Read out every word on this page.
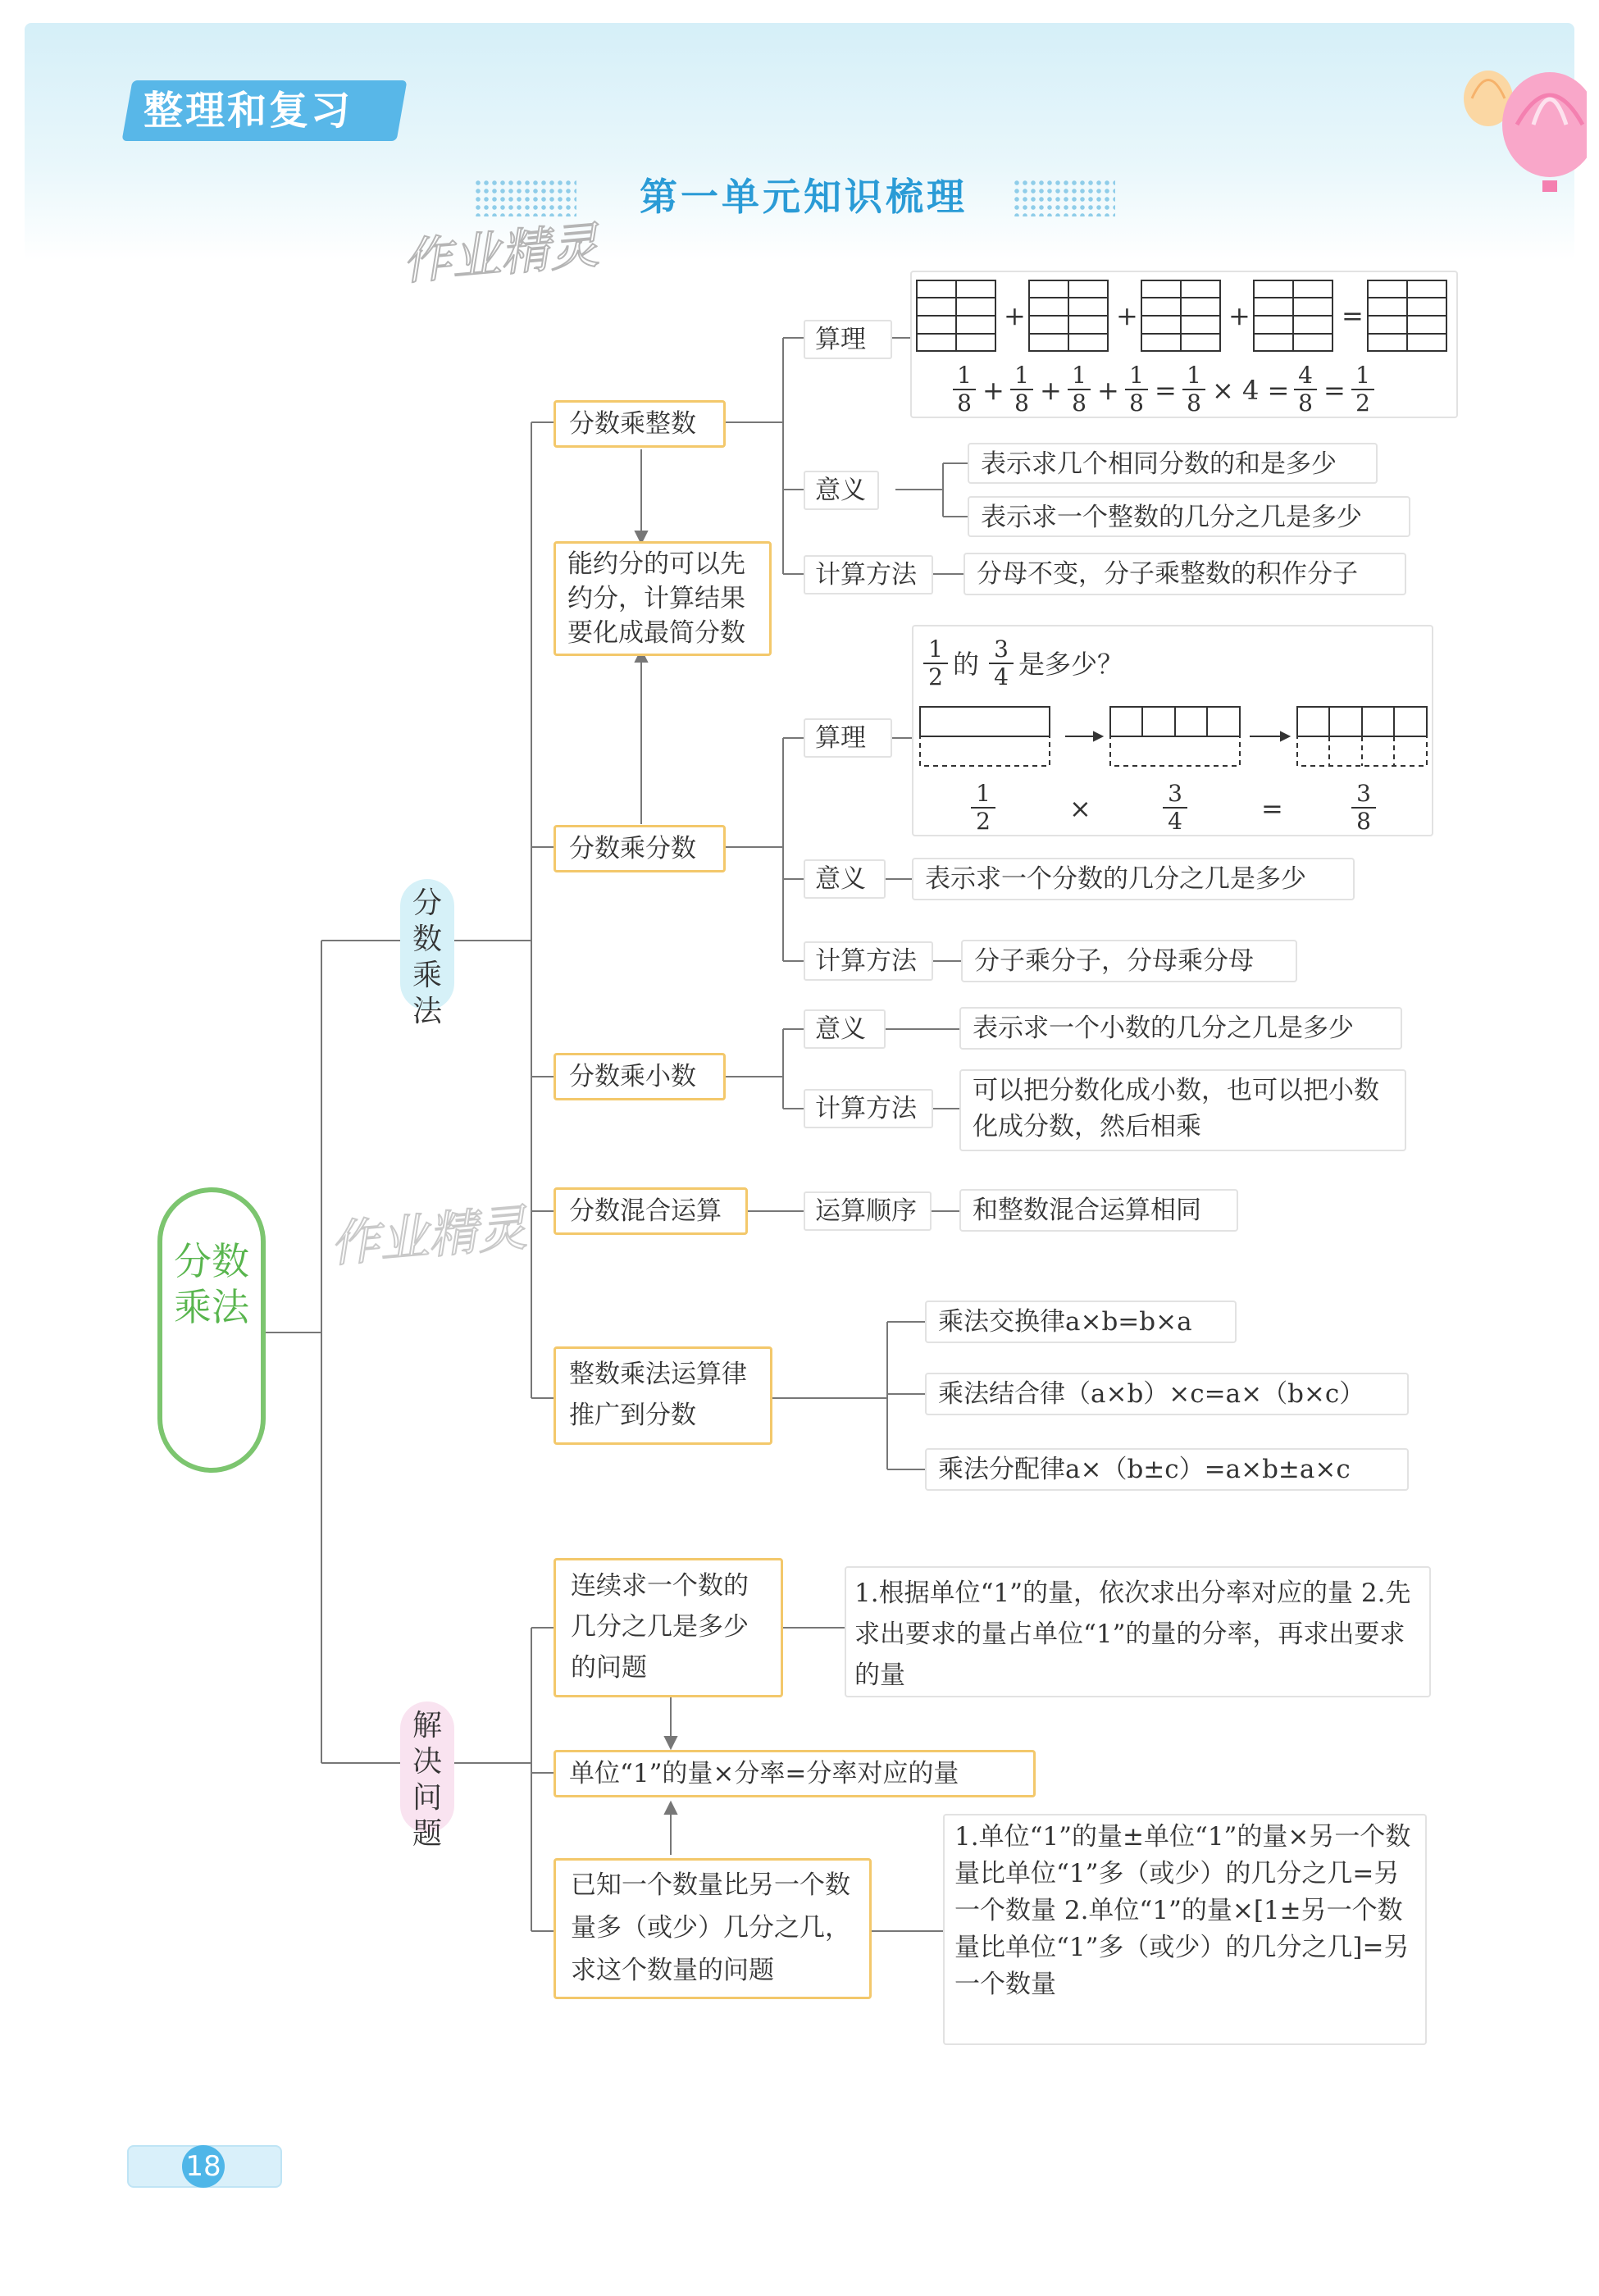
整理和复习
第一单元知识梳理
作业精灵
作业精灵
分数乘法
分数乘法
解决问题
分数乘整数
算理
+	+	+	=
$\frac{1}{8} + \frac{1}{8} + \frac{1}{8} + \frac{1}{8} = \frac{1}{8} \times 4 = \frac{4}{8} = \frac{1}{2}$
意义
表示求几个相同分数的和是多少
表示求一个整数的几分之几是多少
计算方法	分母不变，分子乘整数的积作分子
能约分的可以先约分，计算结果要化成最简分数
分数乘分数
$\frac{1}{2}$ 的 $\frac{3}{4}$ 是多少？
$\frac{1}{2}$	×	$\frac{3}{4}$	=	$\frac{3}{8}$
算理
意义	表示求一个分数的几分之几是多少
计算方法	分子乘分子，分母乘分母
分数乘小数
意义	表示求一个小数的几分之几是多少
计算方法
可以把分数化成小数，也可以把小数化成分数，然后相乘
分数混合运算	运算顺序	和整数混合运算相同
整数乘法运算律推广到分数
乘法交换律a×b=b×a
乘法结合律（a×b）×c=a×（b×c）
乘法分配律a×（b±c）=a×b±a×c
连续求一个数的几分之几是多少的问题
1.根据单位“1”的量，依次求出分率对应的量 2.先求出要求的量占单位“1”的量的分率，再求出要求的量
单位“1”的量×分率=分率对应的量
已知一个数量比另一个数量多（或少）几分之几，求这个数量的问题
1.单位“1”的量±单位“1”的量×另一个数量比单位“1”多（或少）的几分之几=另一个数量 2.单位“1”的量×[1±另一个数量比单位“1”多（或少）的几分之几]=另一个数量
18
